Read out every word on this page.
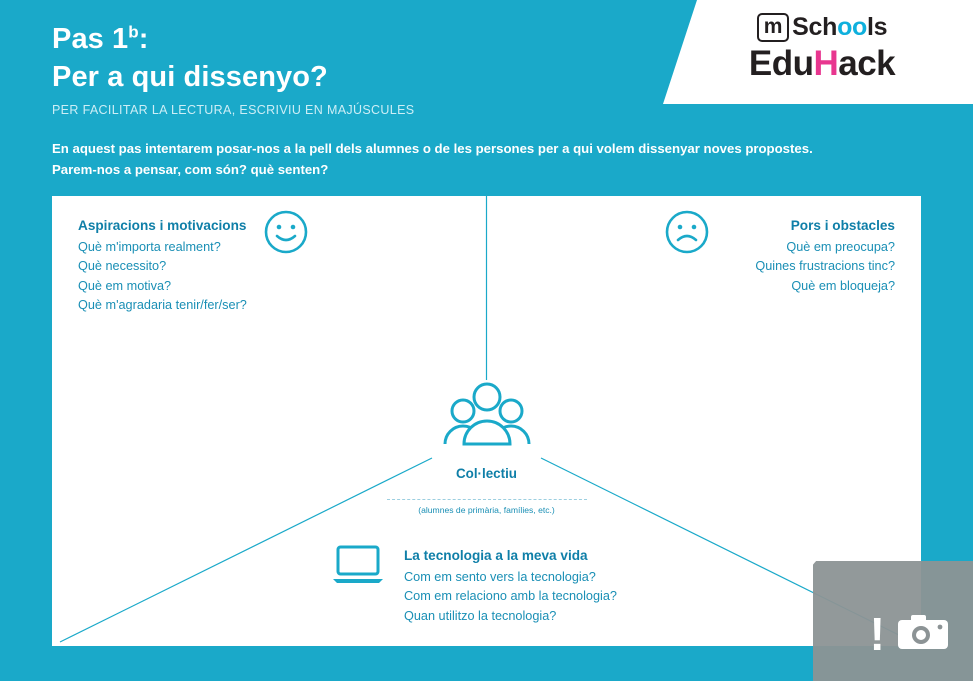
m Schools
EduHack
Pas 1$^b$:
Per a qui dissenyo?
PER FACILITAR LA LECTURA, ESCRIVIU EN MAJÚSCULES
En aquest pas intentarem posar-nos a la pell dels alumnes o de les persones per a qui volem dissenyar noves propostes.
Parem-nos a pensar, com són? què senten?
Aspiracions i motivacions
Què m'importa realment?
Què necessito?
Què em motiva?
Què m'agradaria tenir/fer/ser?
Pors i obstacles
Què em preocupa?
Quines frustracions tinc?
Què em bloqueja?
Col·lectiu
(alumnes de primària, famílies, etc.)
La tecnologia a la meva vida
Com em sento vers la tecnologia?
Com em relaciono amb la tecnologia?
Quan utilitzo la tecnologia?	!
